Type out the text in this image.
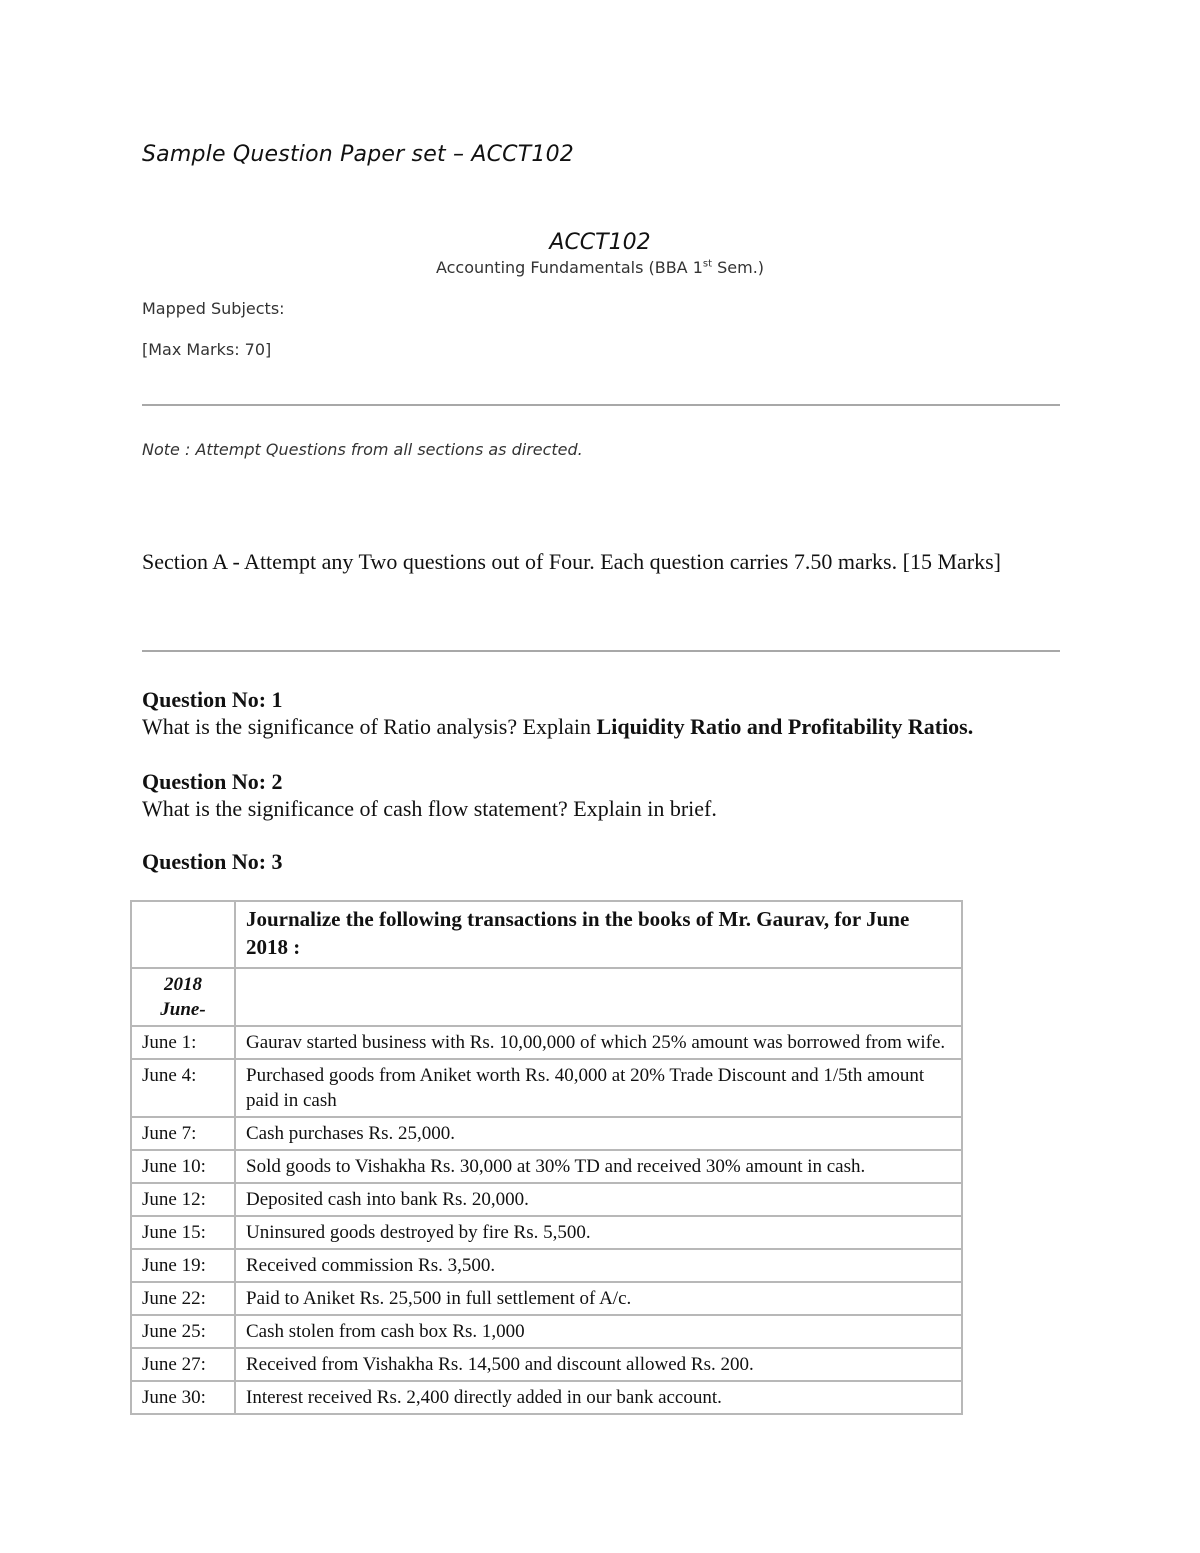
Sample Question Paper set – ACCT102
ACCT102
Accounting Fundamentals (BBA 1st Sem.)
Mapped Subjects:
[Max Marks: 70]
Note : Attempt Questions from all sections as directed.
Section A - Attempt any Two questions out of Four. Each question carries 7.50 marks. [15 Marks]
Question No: 1
What is the significance of Ratio analysis? Explain Liquidity Ratio and Profitability Ratios.
Question No: 2
What is the significance of cash flow statement? Explain in brief.
Question No: 3
	Journalize the following transactions in the books of Mr. Gaurav, for June 2018 :
2018 June-	
June 1:	Gaurav started business with Rs. 10,00,000 of which 25% amount was borrowed from wife.
June 4:	Purchased goods from Aniket worth Rs. 40,000 at 20% Trade Discount and 1/5th amount paid in cash
June 7:	Cash purchases Rs. 25,000.
June 10:	Sold goods to Vishakha Rs. 30,000 at 30% TD and received 30% amount in cash.
June 12:	Deposited cash into bank Rs. 20,000.
June 15:	Uninsured goods destroyed by fire Rs. 5,500.
June 19:	Received commission Rs. 3,500.
June 22:	Paid to Aniket Rs. 25,500 in full settlement of A/c.
June 25:	Cash stolen from cash box Rs. 1,000
June 27:	Received from Vishakha Rs. 14,500 and discount allowed Rs. 200.
June 30:	Interest received Rs. 2,400 directly added in our bank account.
